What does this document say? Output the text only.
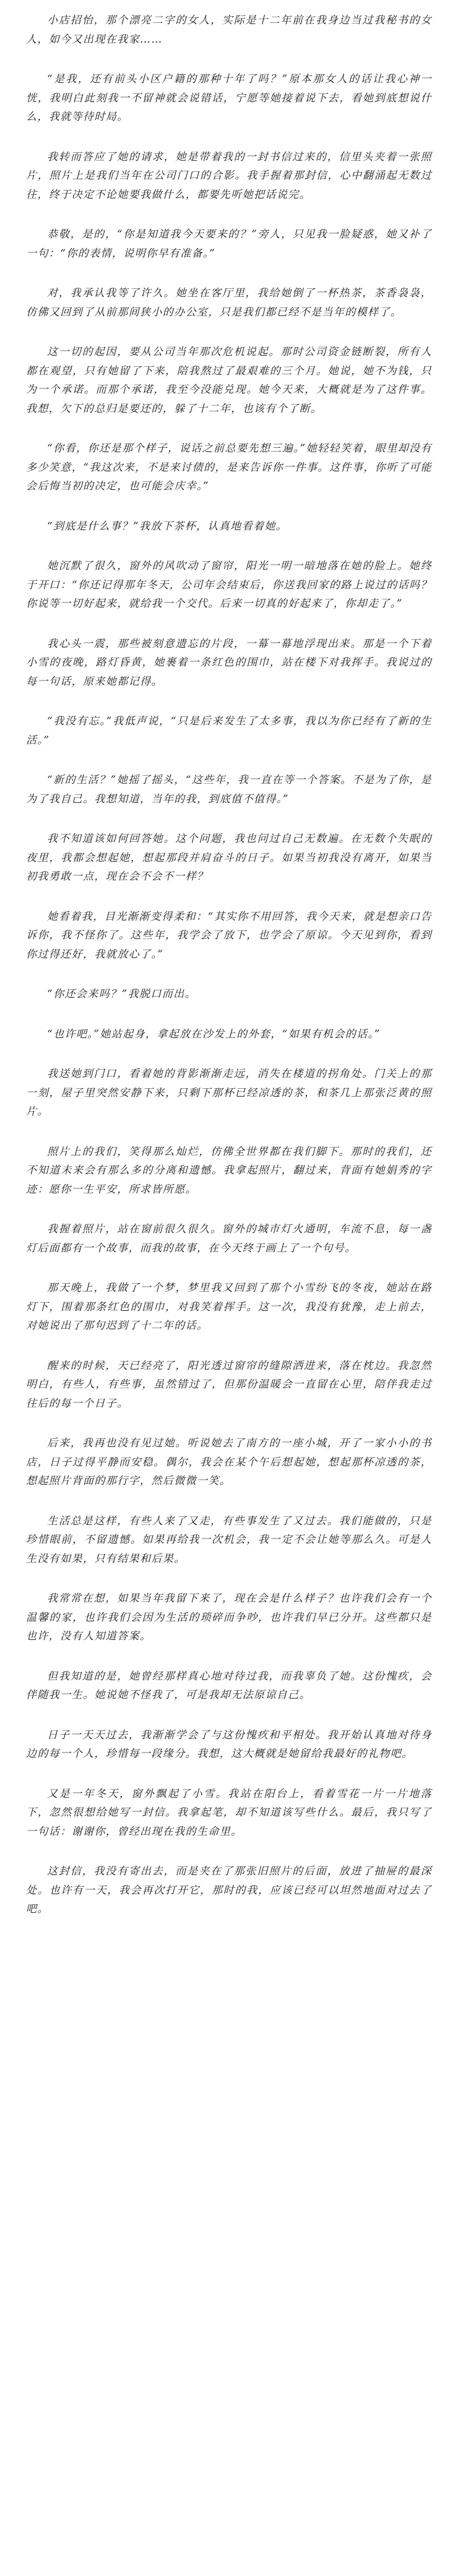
小店招怡，那个漂亮二字的女人，实际是十二年前在我身边当过我秘书的女人，如今又出现在我家……

“是我，还有前头小区户籍的那种十年了吗？”原本那女人的话让我心神一恍，我明白此刻我一不留神就会说错话，宁愿等她接着说下去，看她到底想说什么，我就等待时局。

我转而答应了她的请求，她是带着我的一封书信过来的，信里头夹着一张照片，照片上是我们当年在公司门口的合影。我手握着那封信，心中翻涌起无数过往，终于决定不论她要我做什么，都要先听她把话说完。

恭敬，是的，“你是知道我今天要来的？”旁人，只见我一脸疑惑，她又补了一句：“你的表情，说明你早有准备。”

对，我承认我等了许久。她坐在客厅里，我给她倒了一杯热茶，茶香袅袅，仿佛又回到了从前那间狭小的办公室，只是我们都已经不是当年的模样了。

这一切的起因，要从公司当年那次危机说起。那时公司资金链断裂，所有人都在观望，只有她留了下来，陪我熬过了最艰难的三个月。她说，她不为钱，只为一个承诺。而那个承诺，我至今没能兑现。她今天来，大概就是为了这件事。我想，欠下的总归是要还的，躲了十二年，也该有个了断。

“你看，你还是那个样子，说话之前总要先想三遍。”她轻轻笑着，眼里却没有多少笑意，“我这次来，不是来讨债的，是来告诉你一件事。这件事，你听了可能会后悔当初的决定，也可能会庆幸。”

“到底是什么事？”我放下茶杯，认真地看着她。

她沉默了很久，窗外的风吹动了窗帘，阳光一明一暗地落在她的脸上。她终于开口：“你还记得那年冬天，公司年会结束后，你送我回家的路上说过的话吗？你说等一切好起来，就给我一个交代。后来一切真的好起来了，你却走了。”

我心头一震，那些被刻意遗忘的片段，一幕一幕地浮现出来。那是一个下着小雪的夜晚，路灯昏黄，她裹着一条红色的围巾，站在楼下对我挥手。我说过的每一句话，原来她都记得。

“我没有忘。”我低声说，“只是后来发生了太多事，我以为你已经有了新的生活。”

“新的生活？”她摇了摇头，“这些年，我一直在等一个答案。不是为了你，是为了我自己。我想知道，当年的我，到底值不值得。”

我不知道该如何回答她。这个问题，我也问过自己无数遍。在无数个失眠的夜里，我都会想起她，想起那段并肩奋斗的日子。如果当初我没有离开，如果当初我勇敢一点，现在会不会不一样？

她看着我，目光渐渐变得柔和：“其实你不用回答，我今天来，就是想亲口告诉你，我不怪你了。这些年，我学会了放下，也学会了原谅。今天见到你，看到你过得还好，我就放心了。”

“你还会来吗？”我脱口而出。

“也许吧。”她站起身，拿起放在沙发上的外套，“如果有机会的话。”

我送她到门口，看着她的背影渐渐走远，消失在楼道的拐角处。门关上的那一刻，屋子里突然安静下来，只剩下那杯已经凉透的茶，和茶几上那张泛黄的照片。

照片上的我们，笑得那么灿烂，仿佛全世界都在我们脚下。那时的我们，还不知道未来会有那么多的分离和遗憾。我拿起照片，翻过来，背面有她娟秀的字迹：愿你一生平安，所求皆所愿。

我握着照片，站在窗前很久很久。窗外的城市灯火通明，车流不息，每一盏灯后面都有一个故事，而我的故事，在今天终于画上了一个句号。

那天晚上，我做了一个梦，梦里我又回到了那个小雪纷飞的冬夜，她站在路灯下，围着那条红色的围巾，对我笑着挥手。这一次，我没有犹豫，走上前去，对她说出了那句迟到了十二年的话。

醒来的时候，天已经亮了，阳光透过窗帘的缝隙洒进来，落在枕边。我忽然明白，有些人，有些事，虽然错过了，但那份温暖会一直留在心里，陪伴我走过往后的每一个日子。

后来，我再也没有见过她。听说她去了南方的一座小城，开了一家小小的书店，日子过得平静而安稳。偶尔，我会在某个午后想起她，想起那杯凉透的茶，想起照片背面的那行字，然后微微一笑。

生活总是这样，有些人来了又走，有些事发生了又过去。我们能做的，只是珍惜眼前，不留遗憾。如果再给我一次机会，我一定不会让她等那么久。可是人生没有如果，只有结果和后果。

我常常在想，如果当年我留下来了，现在会是什么样子？也许我们会有一个温馨的家，也许我们会因为生活的琐碎而争吵，也许我们早已分开。这些都只是也许，没有人知道答案。

但我知道的是，她曾经那样真心地对待过我，而我辜负了她。这份愧疚，会伴随我一生。她说她不怪我了，可是我却无法原谅自己。

日子一天天过去，我渐渐学会了与这份愧疚和平相处。我开始认真地对待身边的每一个人，珍惜每一段缘分。我想，这大概就是她留给我最好的礼物吧。

又是一年冬天，窗外飘起了小雪。我站在阳台上，看着雪花一片一片地落下，忽然很想给她写一封信。我拿起笔，却不知道该写些什么。最后，我只写了一句话：谢谢你，曾经出现在我的生命里。

这封信，我没有寄出去，而是夹在了那张旧照片的后面，放进了抽屉的最深处。也许有一天，我会再次打开它，那时的我，应该已经可以坦然地面对过去了吧。
